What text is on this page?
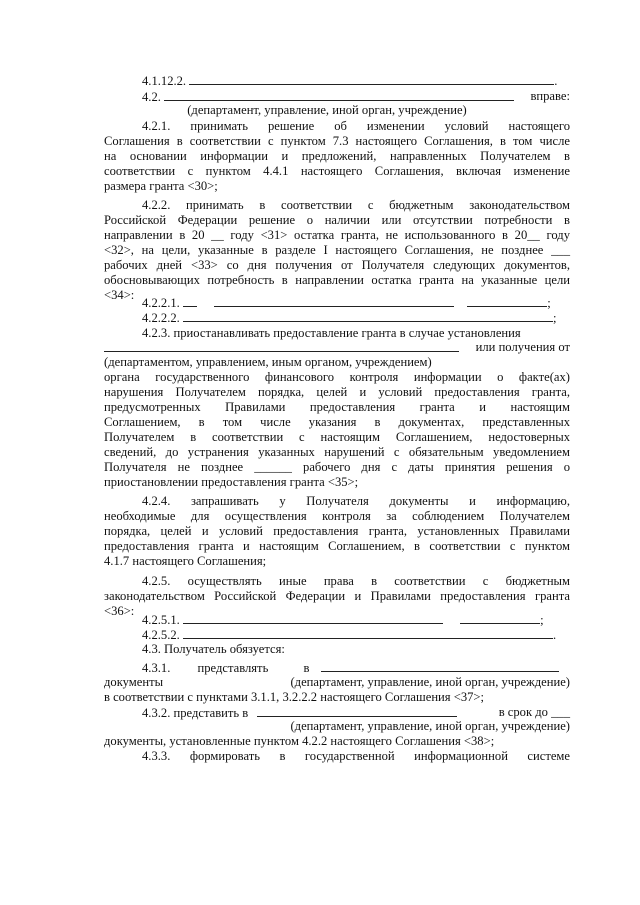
4.1.12.2.	.
4.2.	вправе:
(департамент, управление, иной орган, учреждение)
4.2.1. принимать решение об изменении условий настоящего
Соглашения в соответствии с пунктом 7.3 настоящего Соглашения, в том числе
на основании информации и предложений, направленных Получателем в
соответствии с пунктом 4.4.1 настоящего Соглашения, включая изменение
размера гранта <30>;
4.2.2. принимать в соответствии с бюджетным законодательством
Российской Федерации решение о наличии или отсутствии потребности в
направлении в 20 __ году <31> остатка гранта, не использованного в 20__ году
<32>, на цели, указанные в разделе I настоящего Соглашения, не позднее ___
рабочих дней <33> со дня получения от Получателя следующих документов,
обосновывающих потребность в направлении остатка гранта на указанные цели
<34>:
4.2.2.1.	;
4.2.2.2.	;
4.2.3. приостанавливать предоставление гранта в случае установления
или получения от
(департаментом, управлением, иным органом, учреждением)
органа государственного финансового контроля информации о факте(ах)
нарушения Получателем порядка, целей и условий предоставления гранта,
предусмотренных Правилами предоставления гранта и настоящим
Соглашением, в том числе указания в документах, представленных
Получателем в соответствии с настоящим Соглашением, недостоверных
сведений, до устранения указанных нарушений с обязательным уведомлением
Получателя не позднее ______ рабочего дня с даты принятия решения о
приостановлении предоставления гранта <35>;
4.2.4. запрашивать у Получателя документы и информацию,
необходимые для осуществления контроля за соблюдением Получателем
порядка, целей и условий предоставления гранта, установленных Правилами
предоставления гранта и настоящим Соглашением, в соответствии с пунктом
4.1.7 настоящего Соглашения;
4.2.5. осуществлять иные права в соответствии с бюджетным
законодательством Российской Федерации и Правилами предоставления гранта
<36>:
4.2.5.1.	;
4.2.5.2.	.
4.3. Получатель обязуется:
4.3.1. представлять	в
документы	(департамент, управление, иной орган, учреждение)
в соответствии с пунктами 3.1.1, 3.2.2.2 настоящего Соглашения <37>;
4.3.2. представить в	в срок до ___
(департамент, управление, иной орган, учреждение)
документы, установленные пунктом 4.2.2 настоящего Соглашения <38>;
4.3.3. формировать в государственной информационной системе
